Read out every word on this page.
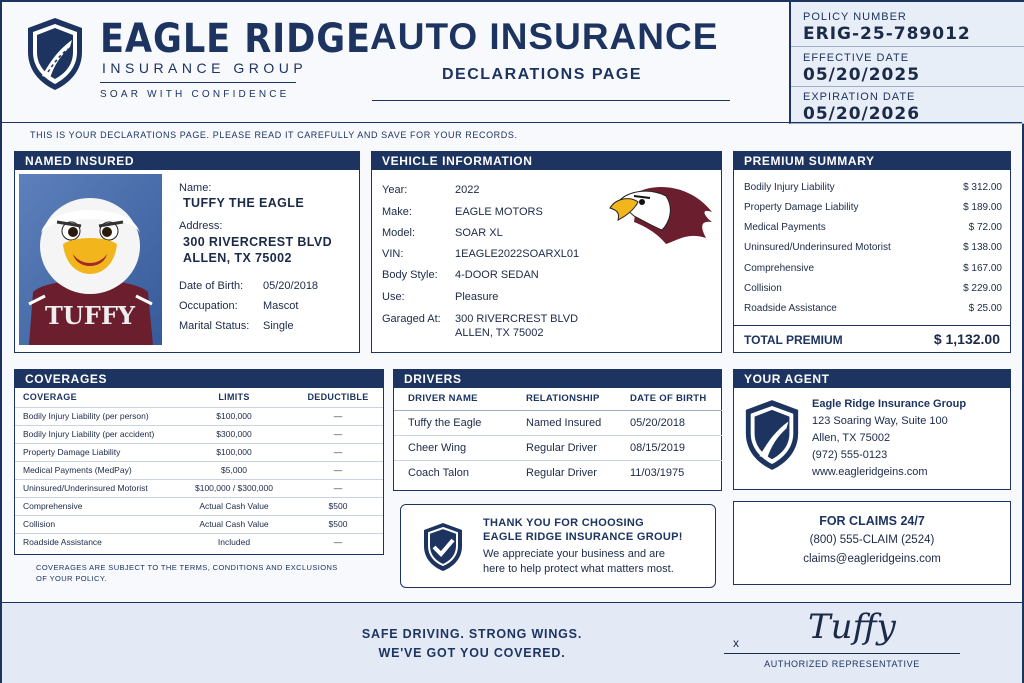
EAGLE RIDGE
INSURANCE GROUP
SOAR WITH CONFIDENCE
AUTO INSURANCE
DECLARATIONS PAGE
POLICY NUMBER
ERIG-25-789012
EFFECTIVE DATE
05/20/2025
EXPIRATION DATE
05/20/2026
THIS IS YOUR DECLARATIONS PAGE. PLEASE READ IT CAREFULLY AND SAVE FOR YOUR RECORDS.
NAMED INSURED
TUFFY
Name:
TUFFY THE EAGLE
Address:
300 RIVERCREST BLVD
ALLEN, TX 75002
Date of Birth: 05/20/2018
Occupation: Mascot
Marital Status: Single
VEHICLE INFORMATION
Year:	2022
Make:	EAGLE MOTORS
Model:	SOAR XL
VIN:	1EAGLE2022SOARXL01
Body Style: 4-DOOR SEDAN
Use:	Pleasure
Garaged At: 300 RIVERCREST BLVD
ALLEN, TX 75002
PREMIUM SUMMARY
Bodily Injury Liability	$ 312.00
Property Damage Liability	$ 189.00
Medical Payments	$ 72.00
Uninsured/Underinsured Motorist	$ 138.00
Comprehensive	$ 167.00
Collision	$ 229.00
Roadside Assistance	$ 25.00
TOTAL PREMIUM	$ 1,132.00
COVERAGES
COVERAGE	LIMITS	DEDUCTIBLE
Bodily Injury Liability (per person)	$100,000	—
Bodily Injury Liability (per accident)	$300,000	—
Property Damage Liability	$100,000	—
Medical Payments (MedPay)	$5,000	—
Uninsured/Underinsured Motorist	$100,000 / $300,000	—
Comprehensive	Actual Cash Value	$500
Collision	Actual Cash Value	$500
Roadside Assistance	Included	—
COVERAGES ARE SUBJECT TO THE TERMS, CONDITIONS AND EXCLUSIONS
OF YOUR POLICY.
DRIVERS
DRIVER NAME	RELATIONSHIP	DATE OF BIRTH
Tuffy the Eagle	Named Insured	05/20/2018
Cheer Wing	Regular Driver	08/15/2019
Coach Talon	Regular Driver	11/03/1975
THANK YOU FOR CHOOSING
EAGLE RIDGE INSURANCE GROUP!
We appreciate your business and are
here to help protect what matters most.
YOUR AGENT
Eagle Ridge Insurance Group
123 Soaring Way, Suite 100
Allen, TX 75002
(972) 555-0123
www.eagleridgeins.com
FOR CLAIMS 24/7
(800) 555-CLAIM (2524)
claims@eagleridgeins.com
SAFE DRIVING. STRONG WINGS.
WE'VE GOT YOU COVERED.
x Tuffy
AUTHORIZED REPRESENTATIVE
